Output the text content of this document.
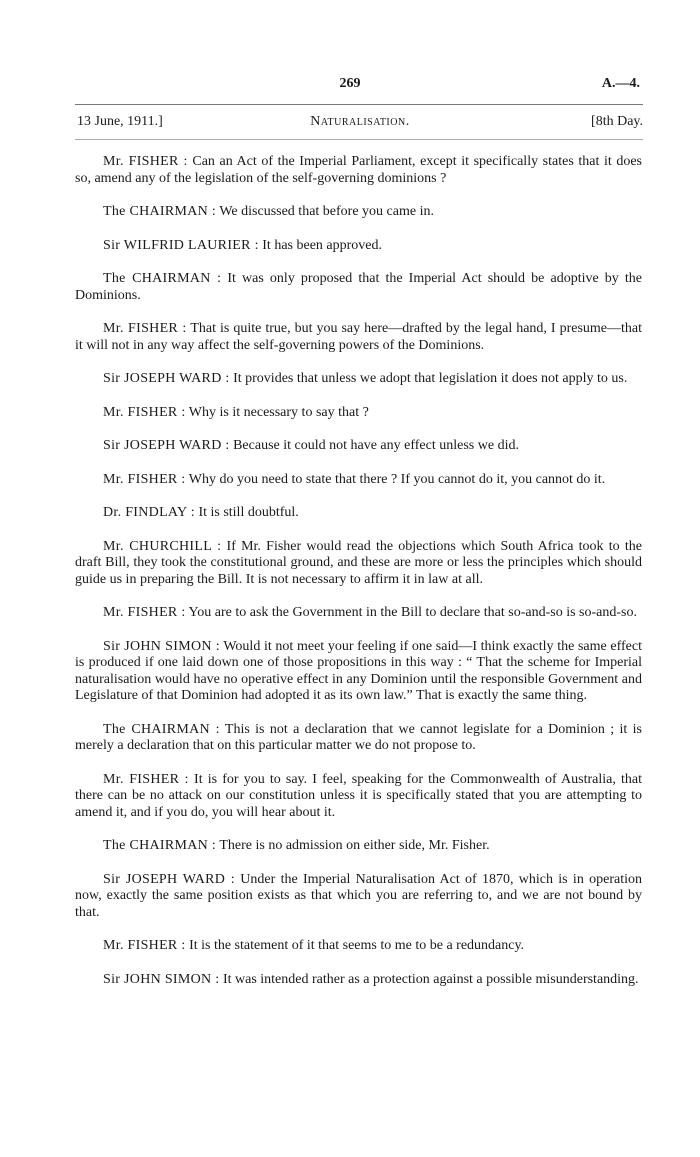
269	A.—4.
13 June, 1911.]	Naturalisation.	[8th Day.

Mr. FISHER : Can an Act of the Imperial Parliament, except it specifically states that it does so, amend any of the legislation of the self-governing dominions ?

The CHAIRMAN : We discussed that before you came in.

Sir WILFRID LAURIER : It has been approved.

The CHAIRMAN : It was only proposed that the Imperial Act should be adoptive by the Dominions.

Mr. FISHER : That is quite true, but you say here—drafted by the legal hand, I presume—that it will not in any way affect the self-governing powers of the Dominions.

Sir JOSEPH WARD : It provides that unless we adopt that legislation it does not apply to us.

Mr. FISHER : Why is it necessary to say that ?

Sir JOSEPH WARD : Because it could not have any effect unless we did.

Mr. FISHER : Why do you need to state that there ? If you cannot do it, you cannot do it.

Dr. FINDLAY : It is still doubtful.

Mr. CHURCHILL : If Mr. Fisher would read the objections which South Africa took to the draft Bill, they took the constitutional ground, and these are more or less the principles which should guide us in preparing the Bill. It is not necessary to affirm it in law at all.

Mr. FISHER : You are to ask the Government in the Bill to declare that so-and-so is so-and-so.

Sir JOHN SIMON : Would it not meet your feeling if one said—I think exactly the same effect is produced if one laid down one of those propositions in this way : “ That the scheme for Imperial naturalisation would have no operative effect in any Dominion until the responsible Government and Legislature of that Dominion had adopted it as its own law.” That is exactly the same thing.

The CHAIRMAN : This is not a declaration that we cannot legislate for a Dominion ; it is merely a declaration that on this particular matter we do not propose to.

Mr. FISHER : It is for you to say. I feel, speaking for the Commonwealth of Australia, that there can be no attack on our constitution unless it is specifically stated that you are attempting to amend it, and if you do, you will hear about it.

The CHAIRMAN : There is no admission on either side, Mr. Fisher.

Sir JOSEPH WARD : Under the Imperial Naturalisation Act of 1870, which is in operation now, exactly the same position exists as that which you are referring to, and we are not bound by that.

Mr. FISHER : It is the statement of it that seems to me to be a redundancy.

Sir JOHN SIMON : It was intended rather as a protection against a possible misunderstanding.
